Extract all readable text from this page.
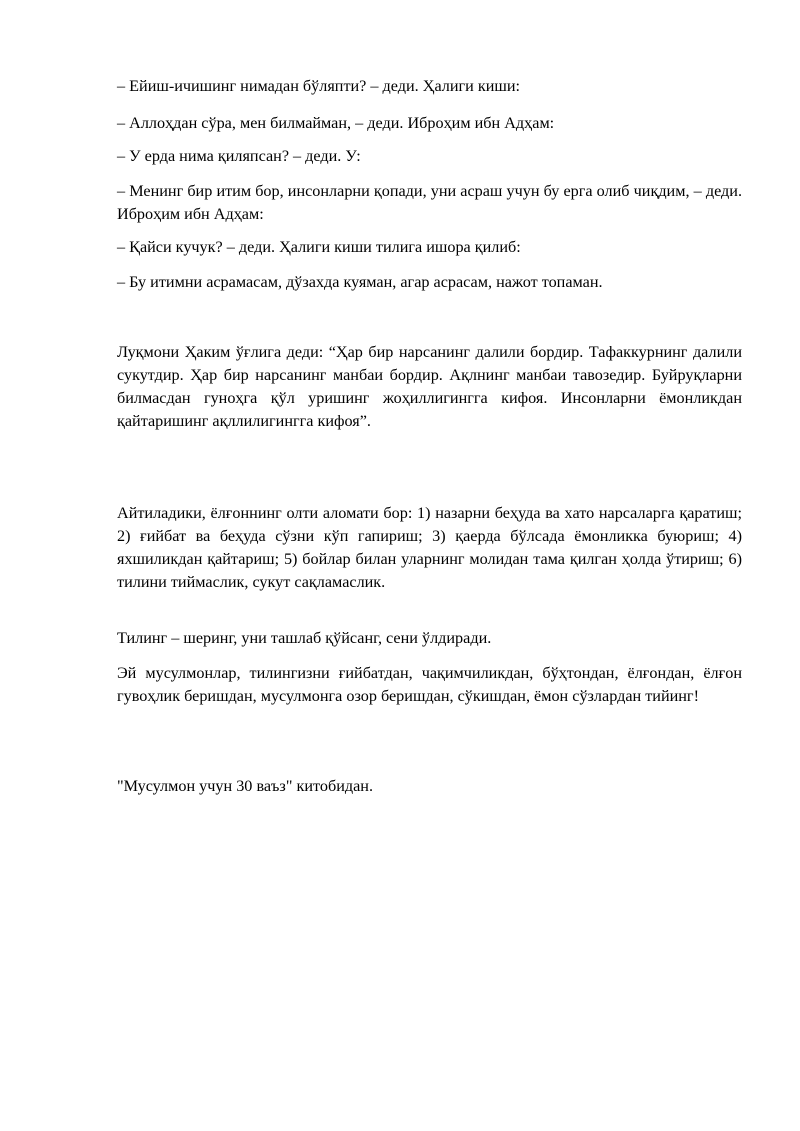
– Ейиш-ичишинг нимадан бўляпти? – деди. Ҳалиги киши:

– Аллоҳдан сўра, мен билмайман, – деди. Иброҳим ибн Адҳам:

– У ерда нима қиляпсан? – деди. У:

– Менинг бир итим бор, инсонларни қопади, уни асраш учун бу ерга олиб чиқдим, – деди. Иброҳим ибн Адҳам:

– Қайси кучук? – деди. Ҳалиги киши тилига ишора қилиб:

– Бу итимни асрамасам, дўзахда куяман, агар асрасам, нажот топаман.

Луқмони Ҳаким ўғлига деди: “Ҳар бир нарсанинг далили бордир. Тафаккурнинг далили сукутдир. Ҳар бир нарсанинг манбаи бордир. Ақлнинг манбаи тавозедир. Буйруқларни билмасдан гуноҳга қўл уришинг жоҳиллигингга кифоя. Инсонларни ёмонликдан қайтаришинг ақллилигингга кифоя”.

Айтиладики, ёлғоннинг олти аломати бор: 1) назарни беҳуда ва хато нарсаларга қаратиш; 2) ғийбат ва беҳуда сўзни кўп гапириш; 3) қаерда бўлсада ёмонликка буюриш; 4) яхшиликдан қайтариш; 5) бойлар билан уларнинг молидан тама қилган ҳолда ўтириш; 6) тилини тиймаслик, сукут сақламаслик.

Тилинг – шеринг, уни ташлаб қўйсанг, сени ўлдиради.

Эй мусулмонлар, тилингизни ғийбатдан, чақимчиликдан, бўҳтондан, ёлғондан, ёлғон гувоҳлик беришдан, мусулмонга озор беришдан, сўкишдан, ёмон сўзлардан тийинг!

"Мусулмон учун 30 ваъз" китобидан.
